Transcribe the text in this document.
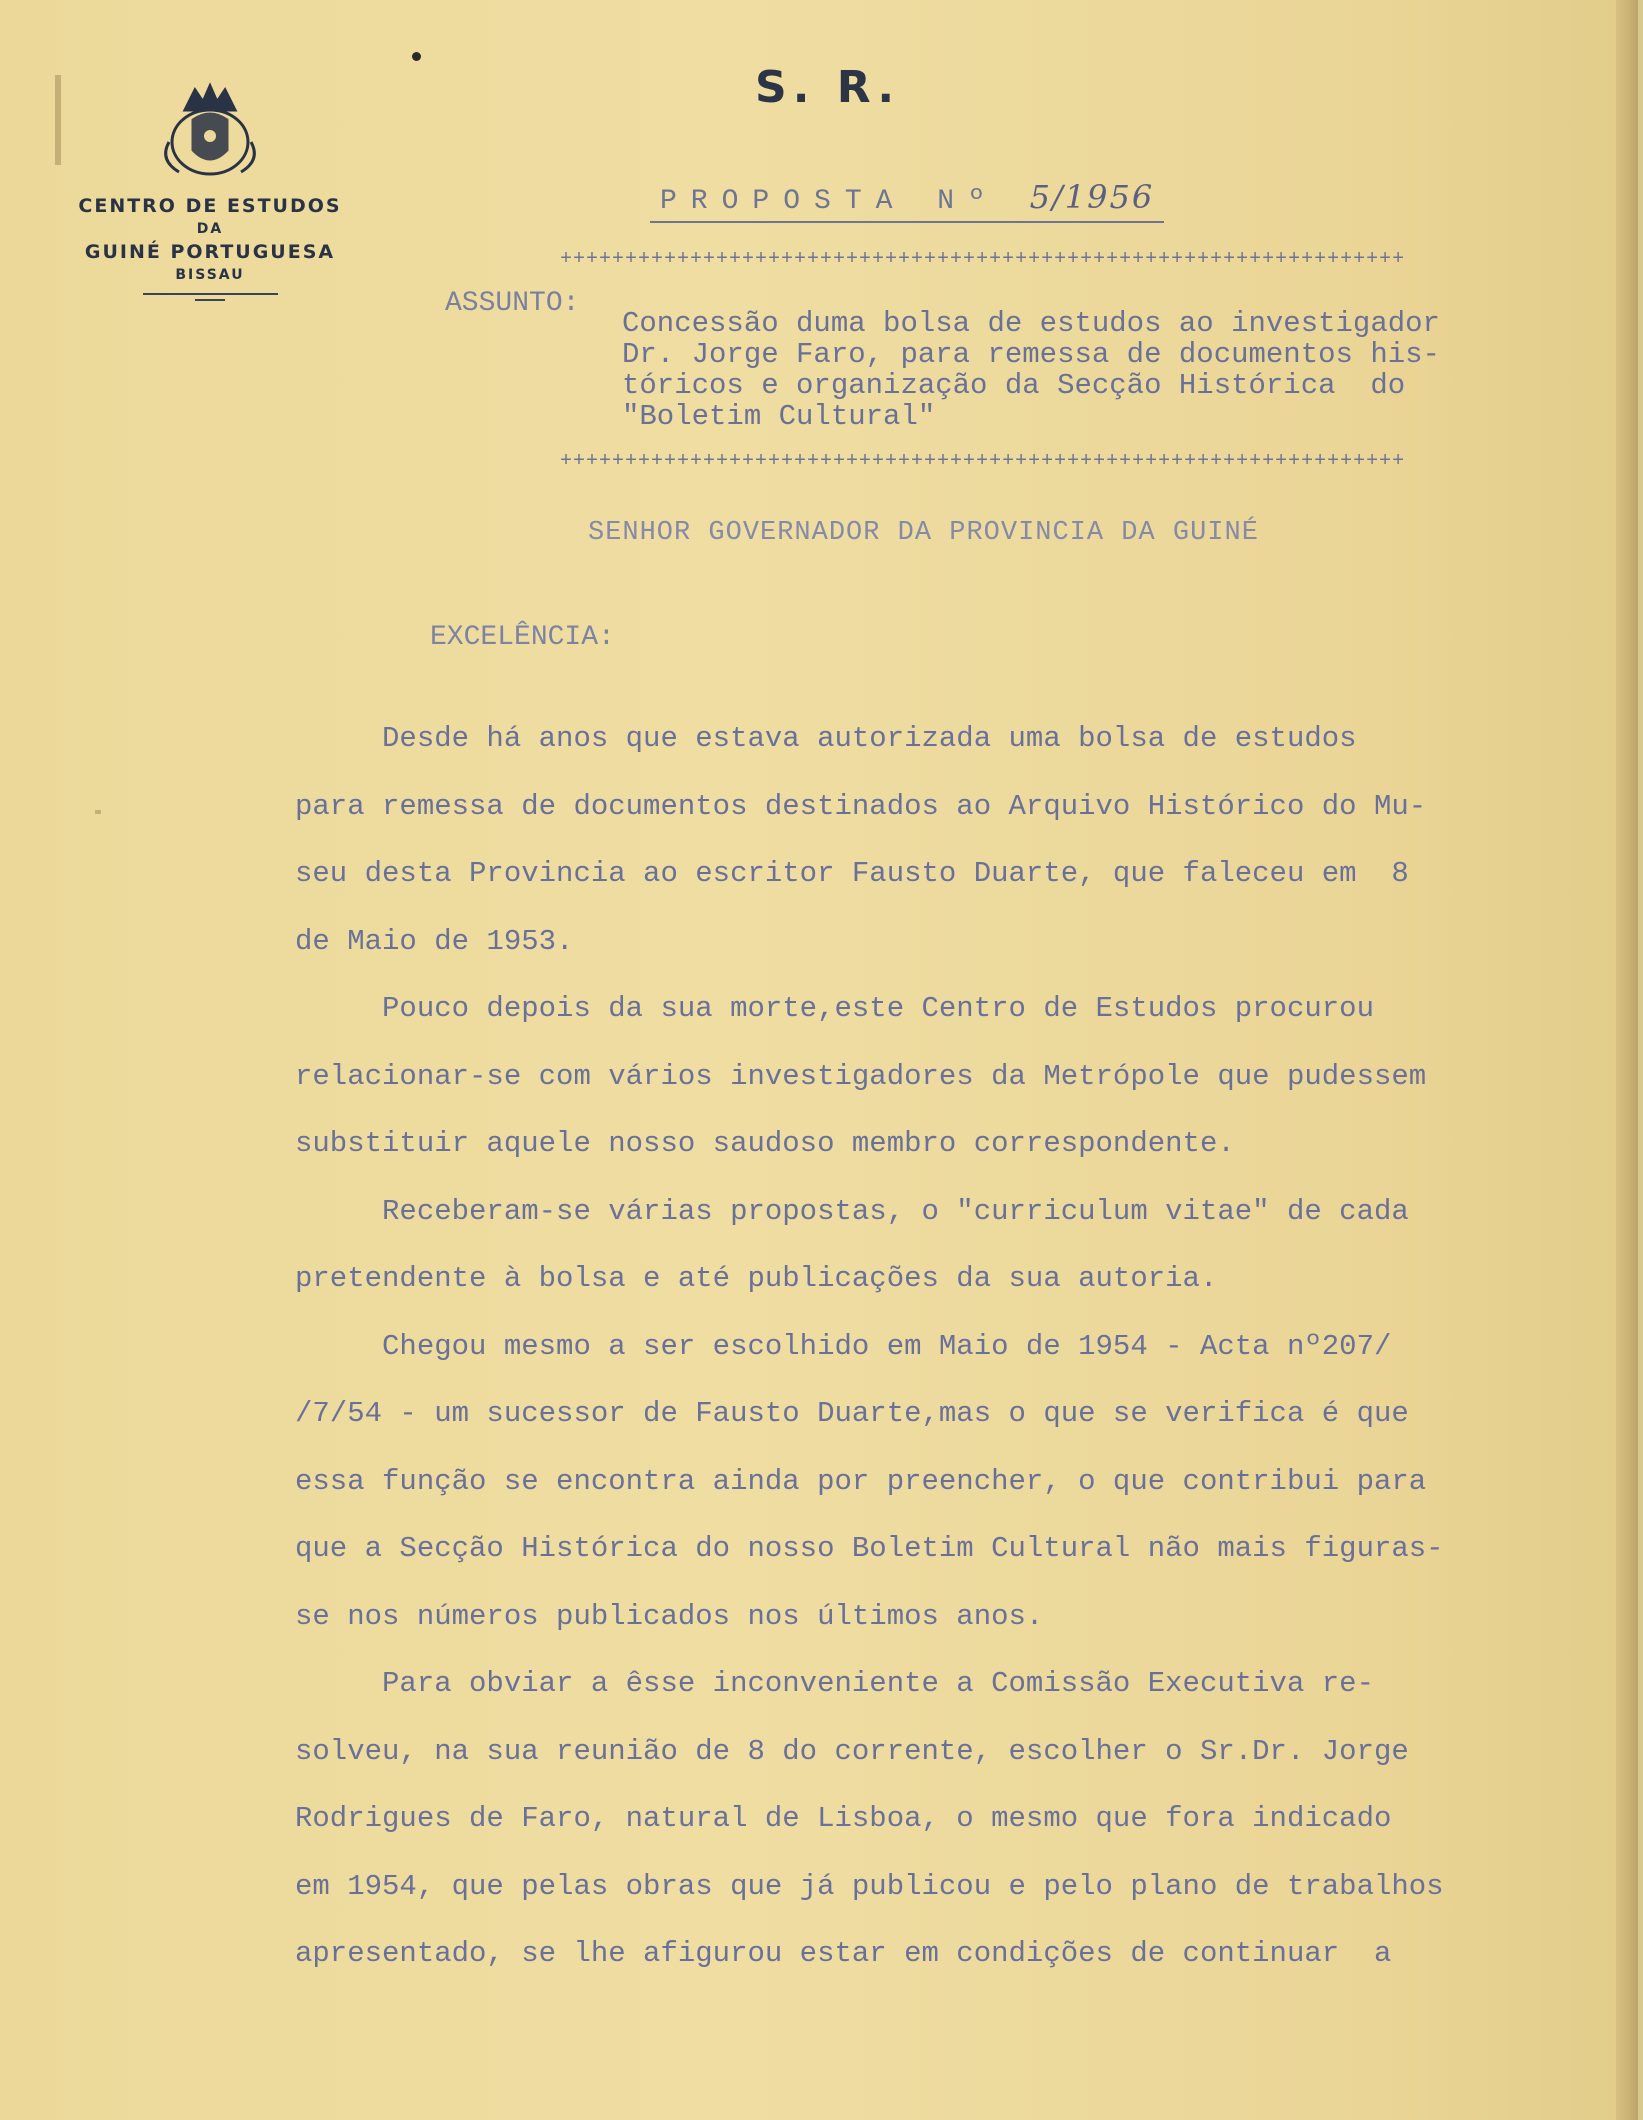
CENTRO DE ESTUDOS
DA
GUINÉ PORTUGUESA
BISSAU
S. R.
PROPOSTA Nº 5/1956
+++++++++++++++++++++++++++++++++++++++++++++++++++++++++++++++++
ASSUNTO:
Concessão duma bolsa de estudos ao investigador
Dr. Jorge Faro, para remessa de documentos his-
tóricos e organização da Secção Histórica  do
"Boletim Cultural"
+++++++++++++++++++++++++++++++++++++++++++++++++++++++++++++++++
SENHOR GOVERNADOR DA PROVINCIA DA GUINÉ
EXCELÊNCIA:
Desde há anos que estava autorizada uma bolsa de estudos
para remessa de documentos destinados ao Arquivo Histórico do Mu-
seu desta Provincia ao escritor Fausto Duarte, que faleceu em  8
de Maio de 1953.
Pouco depois da sua morte,este Centro de Estudos procurou
relacionar-se com vários investigadores da Metrópole que pudessem
substituir aquele nosso saudoso membro correspondente.
Receberam-se várias propostas, o "curriculum vitae" de cada
pretendente à bolsa e até publicações da sua autoria.
Chegou mesmo a ser escolhido em Maio de 1954 - Acta nº207/
/7/54 - um sucessor de Fausto Duarte,mas o que se verifica é que
essa função se encontra ainda por preencher, o que contribui para
que a Secção Histórica do nosso Boletim Cultural não mais figuras-
se nos números publicados nos últimos anos.
Para obviar a êsse inconveniente a Comissão Executiva re-
solveu, na sua reunião de 8 do corrente, escolher o Sr.Dr. Jorge
Rodrigues de Faro, natural de Lisboa, o mesmo que fora indicado
em 1954, que pelas obras que já publicou e pelo plano de trabalhos
apresentado, se lhe afigurou estar em condições de continuar  a
